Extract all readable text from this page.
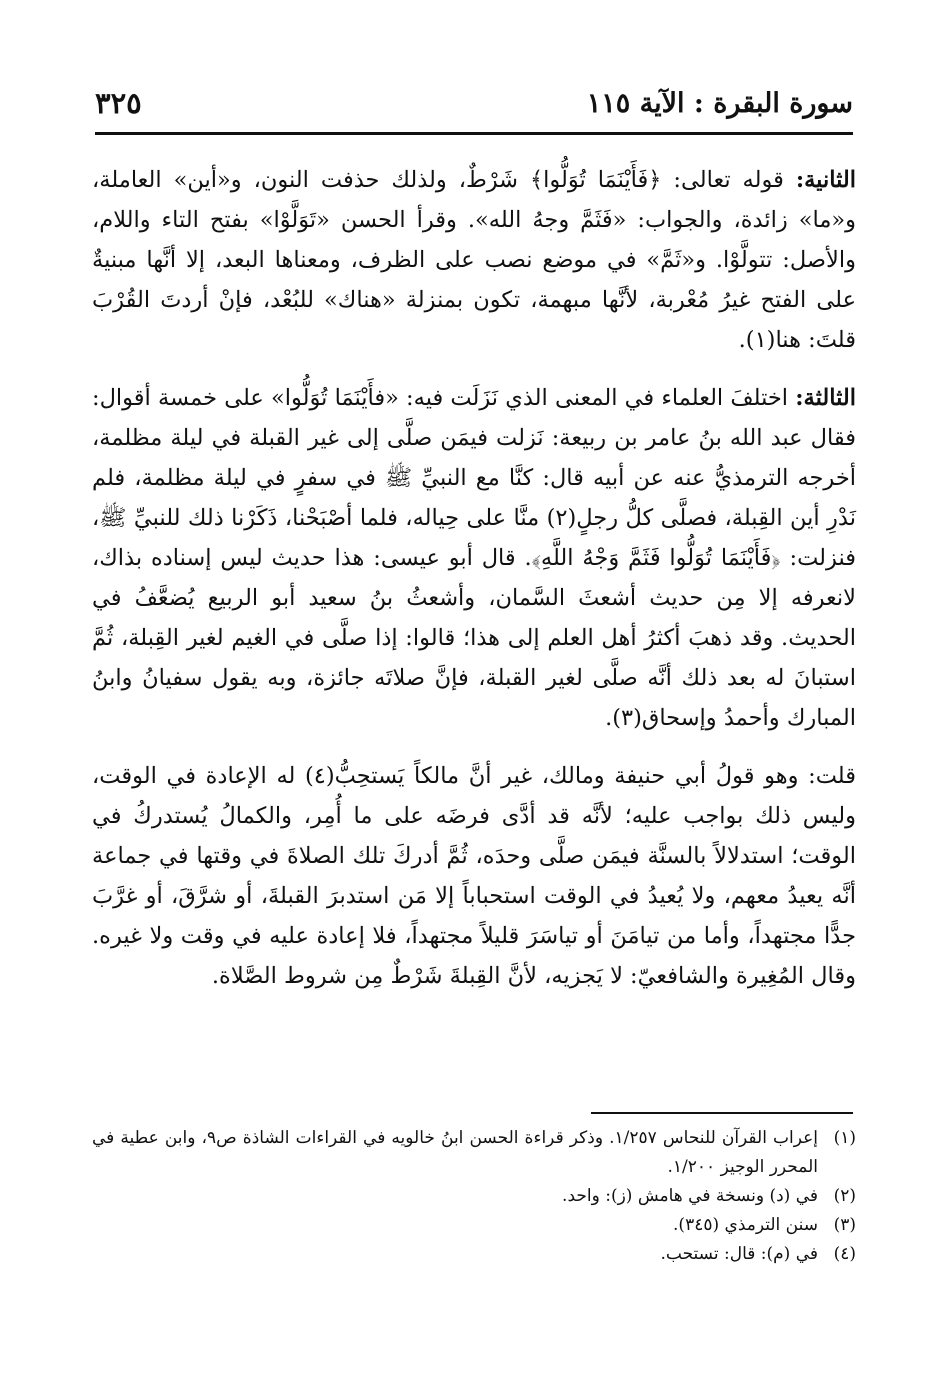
سورة البقرة : الآية ١١٥
٣٢٥

الثانية: قوله تعالى: ﴿فَأَيْنَمَا تُوَلُّوا﴾ شَرْطٌ، ولذلك حذفت النون، و«أين» العاملة، و«ما» زائدة، والجواب: «فَثَمَّ وجهُ الله». وقرأ الحسن «تَوَلَّوْا» بفتح التاء واللام، والأصل: تتولَّوْا. و«ثَمَّ» في موضع نصب على الظرف، ومعناها البعد، إلا أنَّها مبنيةٌ على الفتح غيرُ مُعْربة، لأنَّها مبهمة، تكون بمنزلة «هناك» للبُعْد، فإنْ أردتَ القُرْبَ قلتَ: هنا(١).

الثالثة: اختلفَ العلماء في المعنى الذي نَزَلَت فيه: «فأَيْنَمَا تُوَلُّوا» على خمسة أقوال: فقال عبد الله بنُ عامر بن ربيعة: نَزلت فيمَن صلَّى إلى غير القبلة في ليلة مظلمة، أخرجه الترمذيُّ عنه عن أبيه قال: كنَّا مع النبيِّ ﷺ في سفرٍ في ليلة مظلمة، فلم نَدْرِ أين القِبلة، فصلَّى كلُّ رجلٍ(٢) منَّا على حِياله، فلما أصْبَحْنا، ذَكَرْنا ذلك للنبيِّ ﷺ، فنزلت: ﴿فَأَيْنَمَا تُوَلُّوا فَثَمَّ وَجْهُ اللَّهِ﴾. قال أبو عيسى: هذا حديث ليس إسناده بذاك، لانعرفه إلا مِن حديث أشعثَ السَّمان، وأشعثُ بنُ سعيد أبو الربيع يُضعَّفُ في الحديث. وقد ذهبَ أكثرُ أهل العلم إلى هذا؛ قالوا: إذا صلَّى في الغيم لغير القِبلة، ثُمَّ استبانَ له بعد ذلك أنَّه صلَّى لغير القبلة، فإنَّ صلاتَه جائزة، وبه يقول سفيانُ وابنُ المبارك وأحمدُ وإسحاق(٣).

قلت: وهو قولُ أبي حنيفة ومالك، غير أنَّ مالكاً يَستحِبُّ(٤) له الإعادة في الوقت، وليس ذلك بواجب عليه؛ لأنَّه قد أدَّى فرضَه على ما أُمِر، والكمالُ يُستدركُ في الوقت؛ استدلالاً بالسنَّة فيمَن صلَّى وحدَه، ثُمَّ أدركَ تلك الصلاةَ في وقتها في جماعة أنَّه يعيدُ معهم، ولا يُعيدُ في الوقت استحباباً إلا مَن استدبرَ القبلةَ، أو شرَّقَ، أو غرَّبَ جدًّا مجتهداً، وأما من تيامَنَ أو تياسَرَ قليلاً مجتهداً، فلا إعادة عليه في وقت ولا غيره. وقال المُغِيرة والشافعيّ: لا يَجزيه، لأنَّ القِبلةَ شَرْطٌ مِن شروط الصَّلاة.

(١)
إعراب القرآن للنحاس ١/٢٥٧. وذكر قراءة الحسن ابنُ خالويه في القراءات الشاذة ص٩، وابن عطية في المحرر الوجيز ١/٢٠٠.

(٢)
في (د) ونسخة في هامش (ز): واحد.

(٣)
سنن الترمذي (٣٤٥).

(٤)
في (م): قال: تستحب.
